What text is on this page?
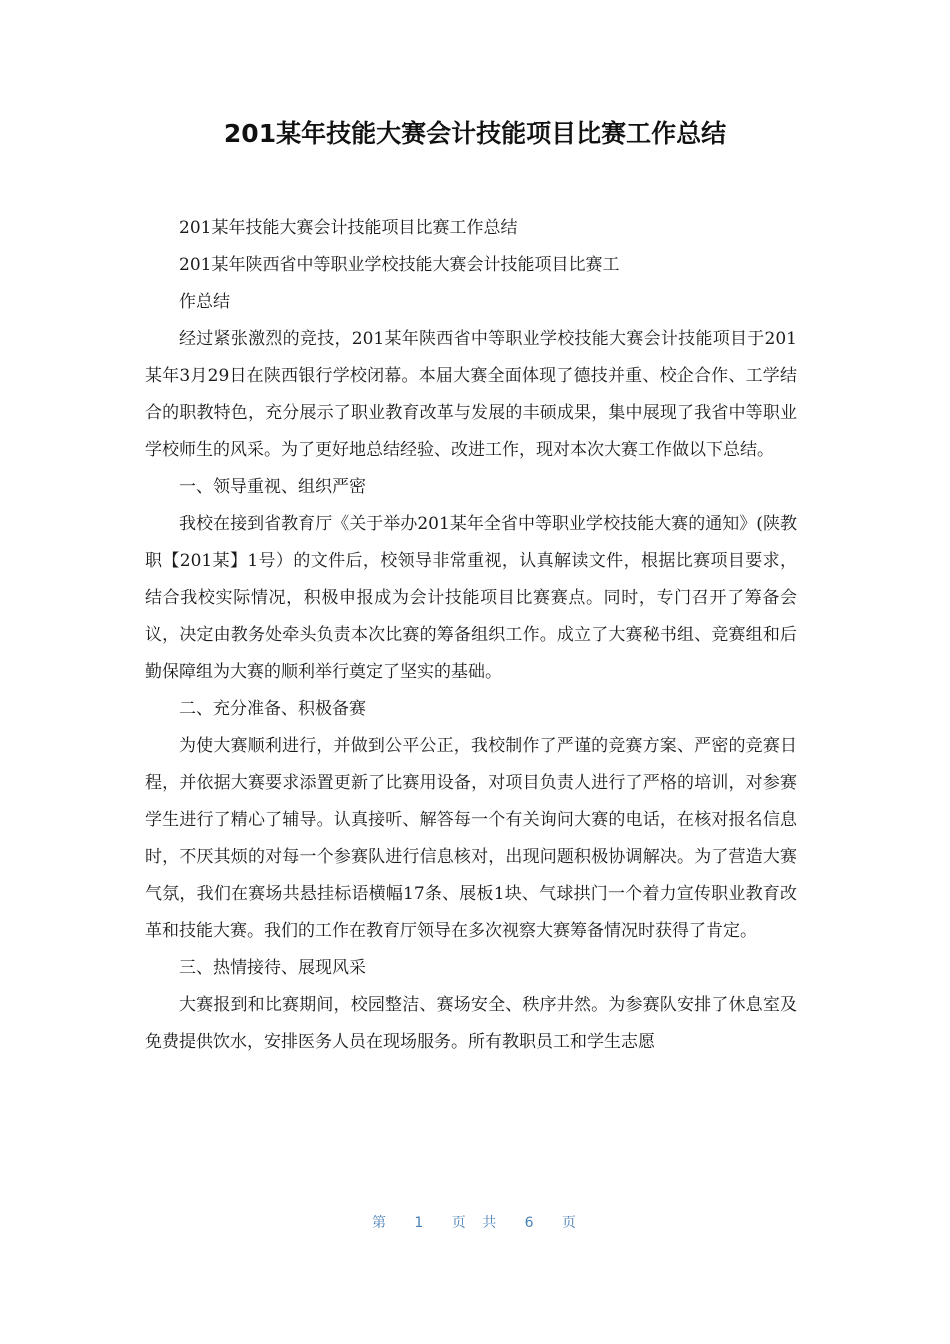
201某年技能大赛会计技能项目比赛工作总结

201某年技能大赛会计技能项目比赛工作总结

201某年陕西省中等职业学校技能大赛会计技能项目比赛工

作总结

经过紧张激烈的竞技，201某年陕西省中等职业学校技能大赛会计技能项目于201某年3月29日在陕西银行学校闭幕。本届大赛全面体现了德技并重、校企合作、工学结合的职教特色，充分展示了职业教育改革与发展的丰硕成果，集中展现了我省中等职业学校师生的风采。为了更好地总结经验、改进工作，现对本次大赛工作做以下总结。

一、领导重视、组织严密

我校在接到省教育厅《关于举办201某年全省中等职业学校技能大赛的通知》(陕教职【201某】1号）的文件后，校领导非常重视，认真解读文件，根据比赛项目要求，结合我校实际情况，积极申报成为会计技能项目比赛赛点。同时，专门召开了筹备会议，决定由教务处牵头负责本次比赛的筹备组织工作。成立了大赛秘书组、竞赛组和后勤保障组为大赛的顺利举行奠定了坚实的基础。

二、充分准备、积极备赛

为使大赛顺利进行，并做到公平公正，我校制作了严谨的竞赛方案、严密的竞赛日程，并依据大赛要求添置更新了比赛用设备，对项目负责人进行了严格的培训，对参赛学生进行了精心了辅导。认真接听、解答每一个有关询问大赛的电话，在核对报名信息时，不厌其烦的对每一个参赛队进行信息核对，出现问题积极协调解决。为了营造大赛气氛，我们在赛场共悬挂标语横幅17条、展板1块、气球拱门一个着力宣传职业教育改革和技能大赛。我们的工作在教育厅领导在多次视察大赛筹备情况时获得了肯定。

三、热情接待、展现风采

大赛报到和比赛期间，校园整洁、赛场安全、秩序井然。为参赛队安排了休息室及免费提供饮水，安排医务人员在现场服务。所有教职员工和学生志愿

第 1 页 共 6 页
